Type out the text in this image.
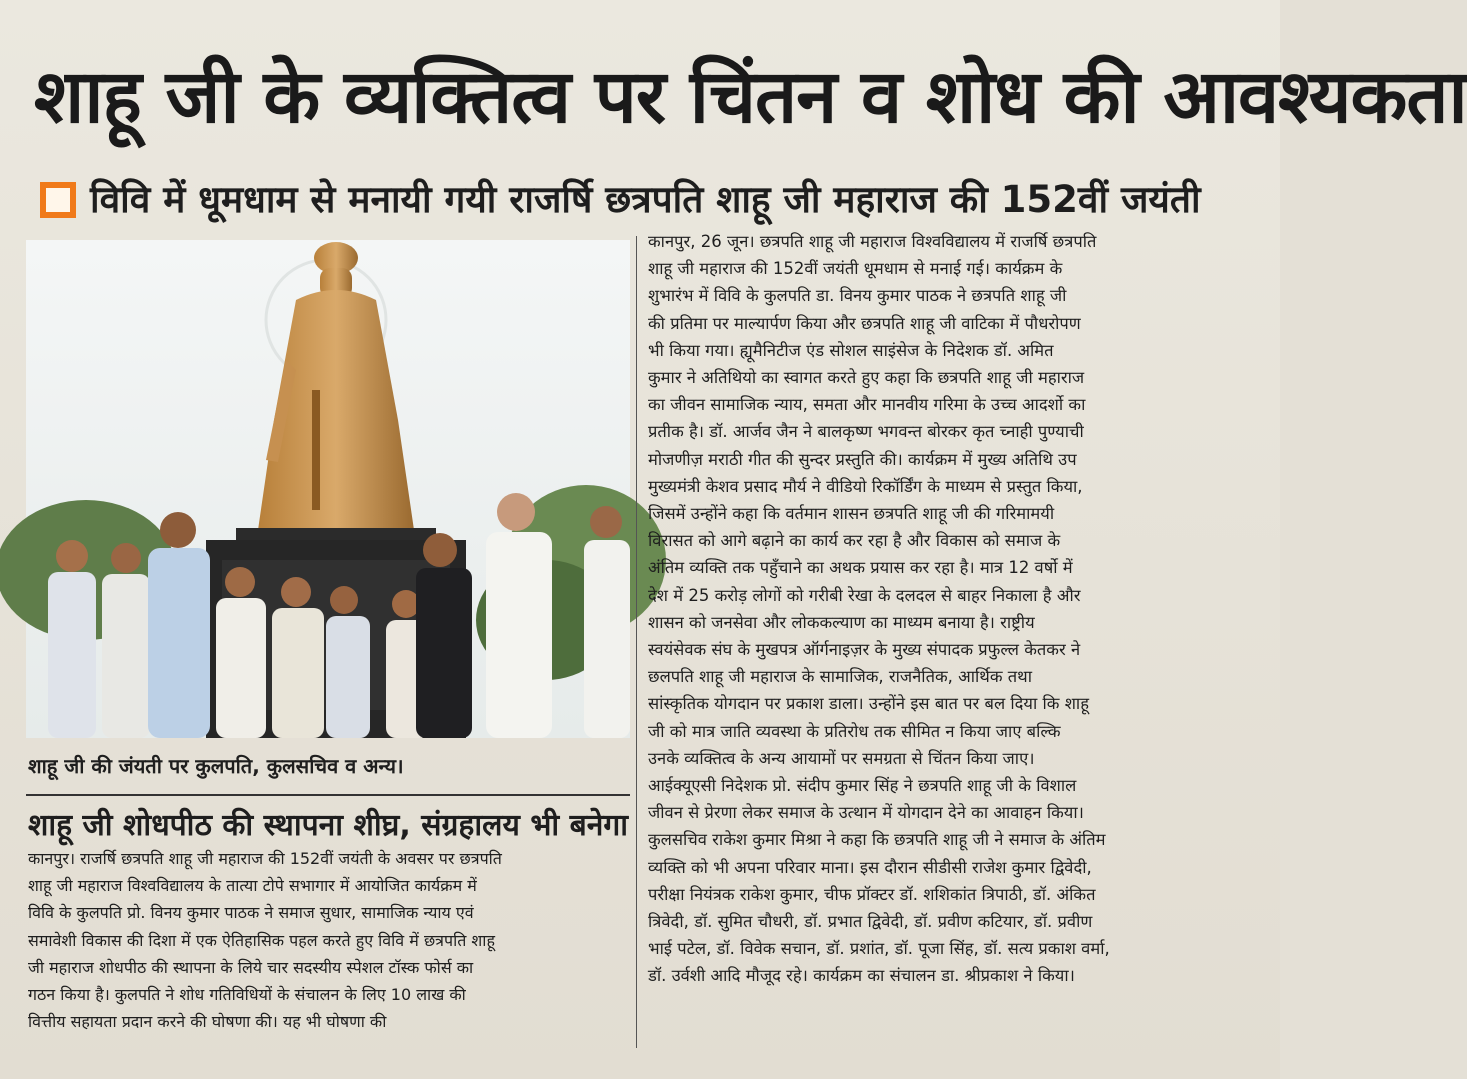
शाहू जी के व्यक्तित्व पर चिंतन व शोध की आवश्यकता
विवि में धूमधाम से मनायी गयी राजर्षि छत्रपति शाहू जी महाराज की 152वीं जयंती
शाहू जी की जंयती पर कुलपति, कुलसचिव व अन्य।
शाहू जी शोधपीठ की स्थापना शीघ्र, संग्रहालय भी बनेगा
कानपुर। राजर्षि छत्रपति शाहू जी महाराज की 152वीं जयंती के अवसर पर छत्रपति
शाहू जी महाराज विश्वविद्यालय के तात्या टोपे सभागार में आयोजित कार्यक्रम में
विवि के कुलपति प्रो. विनय कुमार पाठक ने समाज सुधार, सामाजिक न्याय एवं
समावेशी विकास की दिशा में एक ऐतिहासिक पहल करते हुए विवि में छत्रपति शाहू
जी महाराज शोधपीठ की स्थापना के लिये चार सदस्यीय स्पेशल टॉस्क फोर्स का
गठन किया है। कुलपति ने शोध गतिविधियों के संचालन के लिए 10 लाख की
वित्तीय सहायता प्रदान करने की घोषणा की। यह भी घोषणा की
कानपुर, 26 जून। छत्रपति शाहू जी महाराज विश्वविद्यालय में राजर्षि छत्रपति
शाहू जी महाराज की 152वीं जयंती धूमधाम से मनाई गई। कार्यक्रम के
शुभारंभ में विवि के कुलपति डा. विनय कुमार पाठक ने छत्रपति शाहू जी
की प्रतिमा पर माल्यार्पण किया और छत्रपति शाहू जी वाटिका में पौधरोपण
भी किया गया। ह्यूमैनिटीज एंड सोशल साइंसेज के निदेशक डॉ. अमित
कुमार ने अतिथियो का स्वागत करते हुए कहा कि छत्रपति शाहू जी महाराज
का जीवन सामाजिक न्याय, समता और मानवीय गरिमा के उच्च आदर्शो का
प्रतीक है। डॉ. आर्जव जैन ने बालकृष्ण भगवन्त बोरकर कृत च्नाही पुण्याची
मोजणीज़ मराठी गीत की सुन्दर प्रस्तुति की। कार्यक्रम में मुख्य अतिथि उप
मुख्यमंत्री केशव प्रसाद मौर्य ने वीडियो रिकॉर्डिंग के माध्यम से प्रस्तुत किया,
जिसमें उन्होंने कहा कि वर्तमान शासन छत्रपति शाहू जी की गरिमामयी
विरासत को आगे बढ़ाने का कार्य कर रहा है और विकास को समाज के
अंतिम व्यक्ति तक पहुँचाने का अथक प्रयास कर रहा है। मात्र 12 वर्षो में
देश में 25 करोड़ लोगों को गरीबी रेखा के दलदल से बाहर निकाला है और
शासन को जनसेवा और लोककल्याण का माध्यम बनाया है। राष्ट्रीय
स्वयंसेवक संघ के मुखपत्र ऑर्गनाइज़र के मुख्य संपादक प्रफुल्ल केतकर ने
छलपति शाहू जी महाराज के सामाजिक, राजनैतिक, आर्थिक तथा
सांस्कृतिक योगदान पर प्रकाश डाला। उन्होंने इस बात पर बल दिया कि शाहू
जी को मात्र जाति व्यवस्था के प्रतिरोध तक सीमित न किया जाए बल्कि
उनके व्यक्तित्व के अन्य आयामों पर समग्रता से चिंतन किया जाए।
आईक्यूएसी निदेशक प्रो. संदीप कुमार सिंह ने छत्रपति शाहू जी के विशाल
जीवन से प्रेरणा लेकर समाज के उत्थान में योगदान देने का आवाहन किया।
कुलसचिव राकेश कुमार मिश्रा ने कहा कि छत्रपति शाहू जी ने समाज के अंतिम
व्यक्ति को भी अपना परिवार माना। इस दौरान सीडीसी राजेश कुमार द्विवेदी,
परीक्षा नियंत्रक राकेश कुमार, चीफ प्रॉक्टर डॉ. शशिकांत त्रिपाठी, डॉ. अंकित
त्रिवेदी, डॉ. सुमित चौधरी, डॉ. प्रभात द्विवेदी, डॉ. प्रवीण कटियार, डॉ. प्रवीण
भाई पटेल, डॉ. विवेक सचान, डॉ. प्रशांत, डॉ. पूजा सिंह, डॉ. सत्य प्रकाश वर्मा,
डॉ. उर्वशी आदि मौजूद रहे। कार्यक्रम का संचालन डा. श्रीप्रकाश ने किया।
